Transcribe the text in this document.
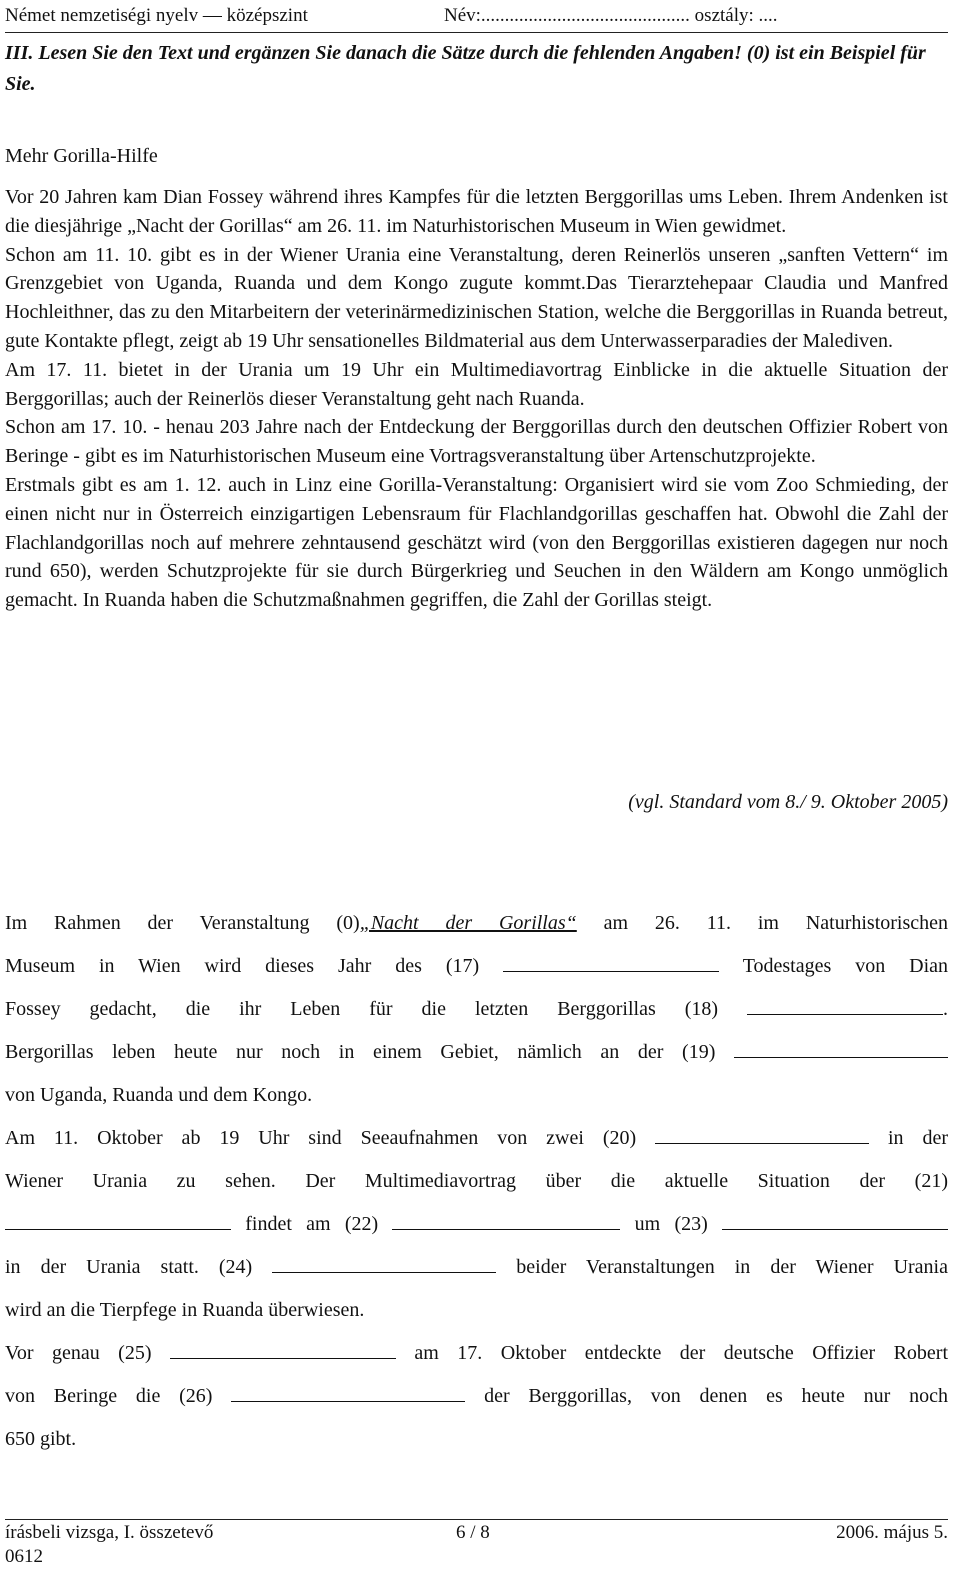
Német nemzetiségi nyelv — középszint	Név:............................................ osztály: ....
III. Lesen Sie den Text und ergänzen Sie danach die Sätze durch die fehlenden Angaben! (0) ist ein Beispiel für Sie.
Mehr Gorilla-Hilfe

Vor 20 Jahren kam Dian Fossey während ihres Kampfes für die letzten Berggorillas ums Leben. Ihrem Andenken ist die diesjährige „Nacht der Gorillas“ am 26. 11. im Naturhistorischen Museum in Wien gewidmet.
Schon am 11. 10. gibt es in der Wiener Urania eine Veranstaltung, deren Reinerlös unseren „sanften Vettern“ im Grenzgebiet von Uganda, Ruanda und dem Kongo zugute kommt.Das Tierarztehepaar Claudia und Manfred Hochleithner, das zu den Mitarbeitern der veterinärmedizinischen Station, welche die Berggorillas in Ruanda betreut, gute Kontakte pflegt, zeigt ab 19 Uhr sensationelles Bildmaterial aus dem Unterwasserparadies der Malediven.
Am 17. 11. bietet in der Urania um 19 Uhr ein Multimediavortrag Einblicke in die aktuelle Situation der Berggorillas; auch der Reinerlös dieser Veranstaltung geht nach Ruanda.
Schon am 17. 10. - henau 203 Jahre nach der Entdeckung der Berggorillas durch den deutschen Offizier Robert von Beringe - gibt es im Naturhistorischen Museum eine Vortragsveranstaltung über Artenschutzprojekte.
Erstmals gibt es am 1. 12. auch in Linz eine Gorilla-Veranstaltung: Organisiert wird sie vom Zoo Schmieding, der einen nicht nur in Österreich einzigartigen Lebensraum für Flachlandgorillas geschaffen hat. Obwohl die Zahl der Flachlandgorillas noch auf mehrere zehntausend geschätzt wird (von den Berggorillas existieren dagegen nur noch rund 650), werden Schutzprojekte für sie durch Bürgerkrieg und Seuchen in den Wäldern am Kongo unmöglich gemacht. In Ruanda haben die Schutzmaßnahmen gegriffen, die Zahl der Gorillas steigt.

(vgl. Standard vom 8./ 9. Oktober 2005)
Im Rahmen der Veranstaltung (0)„Nacht der Gorillas“ am 26. 11. im Naturhistorischen
Museum in Wien wird dieses Jahr des (17)	Todestages von Dian
Fossey gedacht, die ihr Leben für die letzten Berggorillas (18)	.
Bergorillas leben heute nur noch in einem Gebiet, nämlich an der (19)
von Uganda, Ruanda und dem Kongo.
Am 11. Oktober ab 19 Uhr sind Seeaufnahmen von zwei (20)	in der
Wiener Urania zu sehen. Der Multimediavortrag über die aktuelle Situation der (21)
findet am (22)	um (23)
in der Urania statt. (24)	beider Veranstaltungen in der Wiener Urania
wird an die Tierpfege in Ruanda überwiesen.
Vor genau (25)	am 17. Oktober entdeckte der deutsche Offizier Robert
von Beringe die (26)	der Berggorillas, von denen es heute nur noch
650 gibt.
írásbeli vizsga, I. összetevő	6 / 8	2006. május 5.
0612
